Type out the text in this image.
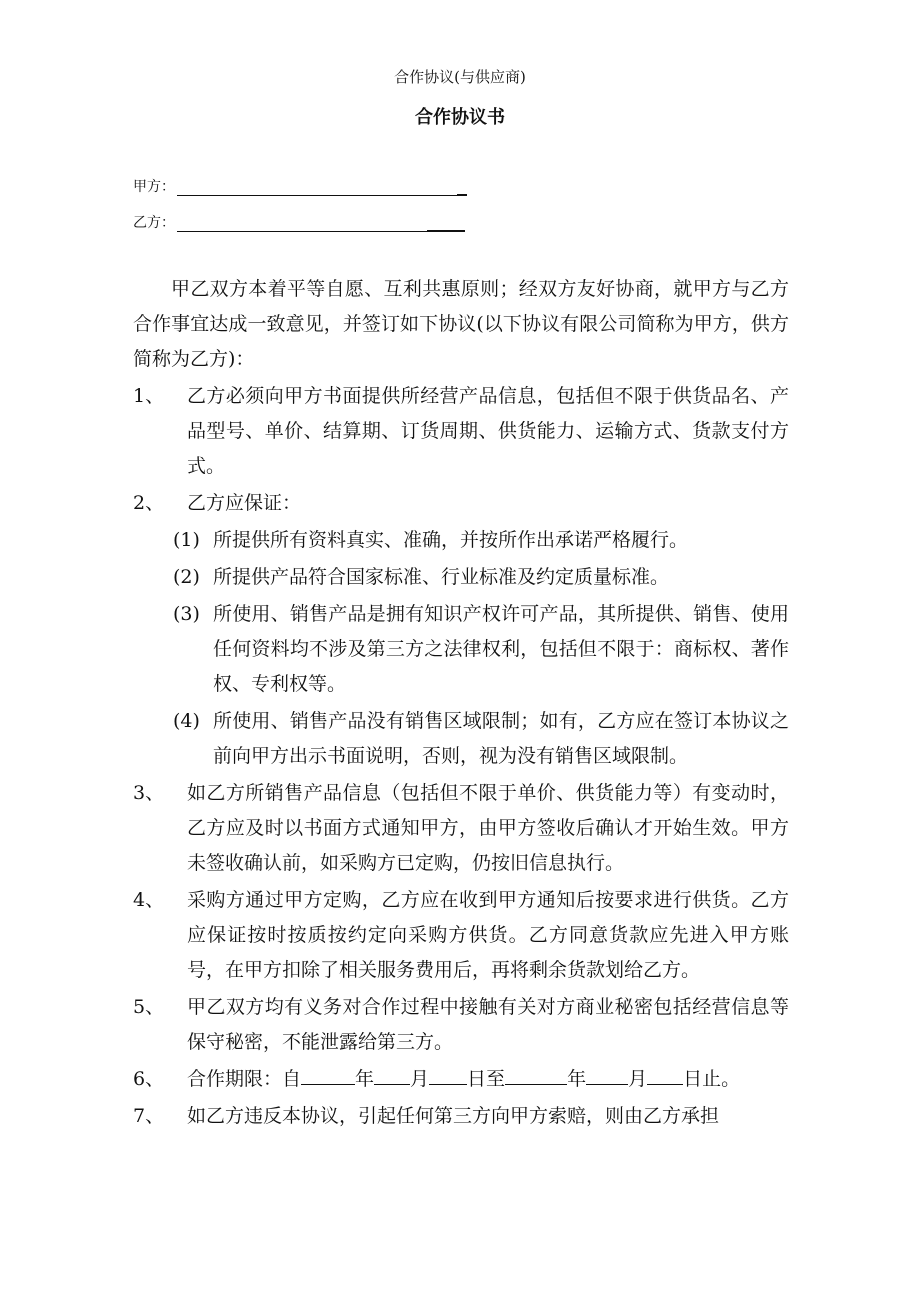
合作协议(与供应商)
合作协议书
甲方：
乙方：

甲乙双方本着平等自愿、互利共惠原则；经双方友好协商，就甲方与乙方合作事宜达成一致意见，并签订如下协议(以下协议有限公司简称为甲方，供方简称为乙方)：

1、	乙方必须向甲方书面提供所经营产品信息，包括但不限于供货品名、产品型号、单价、结算期、订货周期、供货能力、运输方式、货款支付方式。
2、	乙方应保证：
(1) 所提供所有资料真实、准确，并按所作出承诺严格履行。
(2) 所提供产品符合国家标准、行业标准及约定质量标准。
(3) 所使用、销售产品是拥有知识产权许可产品，其所提供、销售、使用任何资料均不涉及第三方之法律权利，包括但不限于：商标权、著作权、专利权等。
(4) 所使用、销售产品没有销售区域限制；如有，乙方应在签订本协议之前向甲方出示书面说明，否则，视为没有销售区域限制。
3、	如乙方所销售产品信息（包括但不限于单价、供货能力等）有变动时，乙方应及时以书面方式通知甲方，由甲方签收后确认才开始生效。甲方未签收确认前，如采购方已定购，仍按旧信息执行。
4、	采购方通过甲方定购，乙方应在收到甲方通知后按要求进行供货。乙方应保证按时按质按约定向采购方供货。乙方同意货款应先进入甲方账号，在甲方扣除了相关服务费用后，再将剩余货款划给乙方。
5、	甲乙双方均有义务对合作过程中接触有关对方商业秘密包括经营信息等保守秘密，不能泄露给第三方。
6、	合作期限：自	年 月 日至	年 月 日止。
7、	如乙方违反本协议，引起任何第三方向甲方索赔，则由乙方承担
